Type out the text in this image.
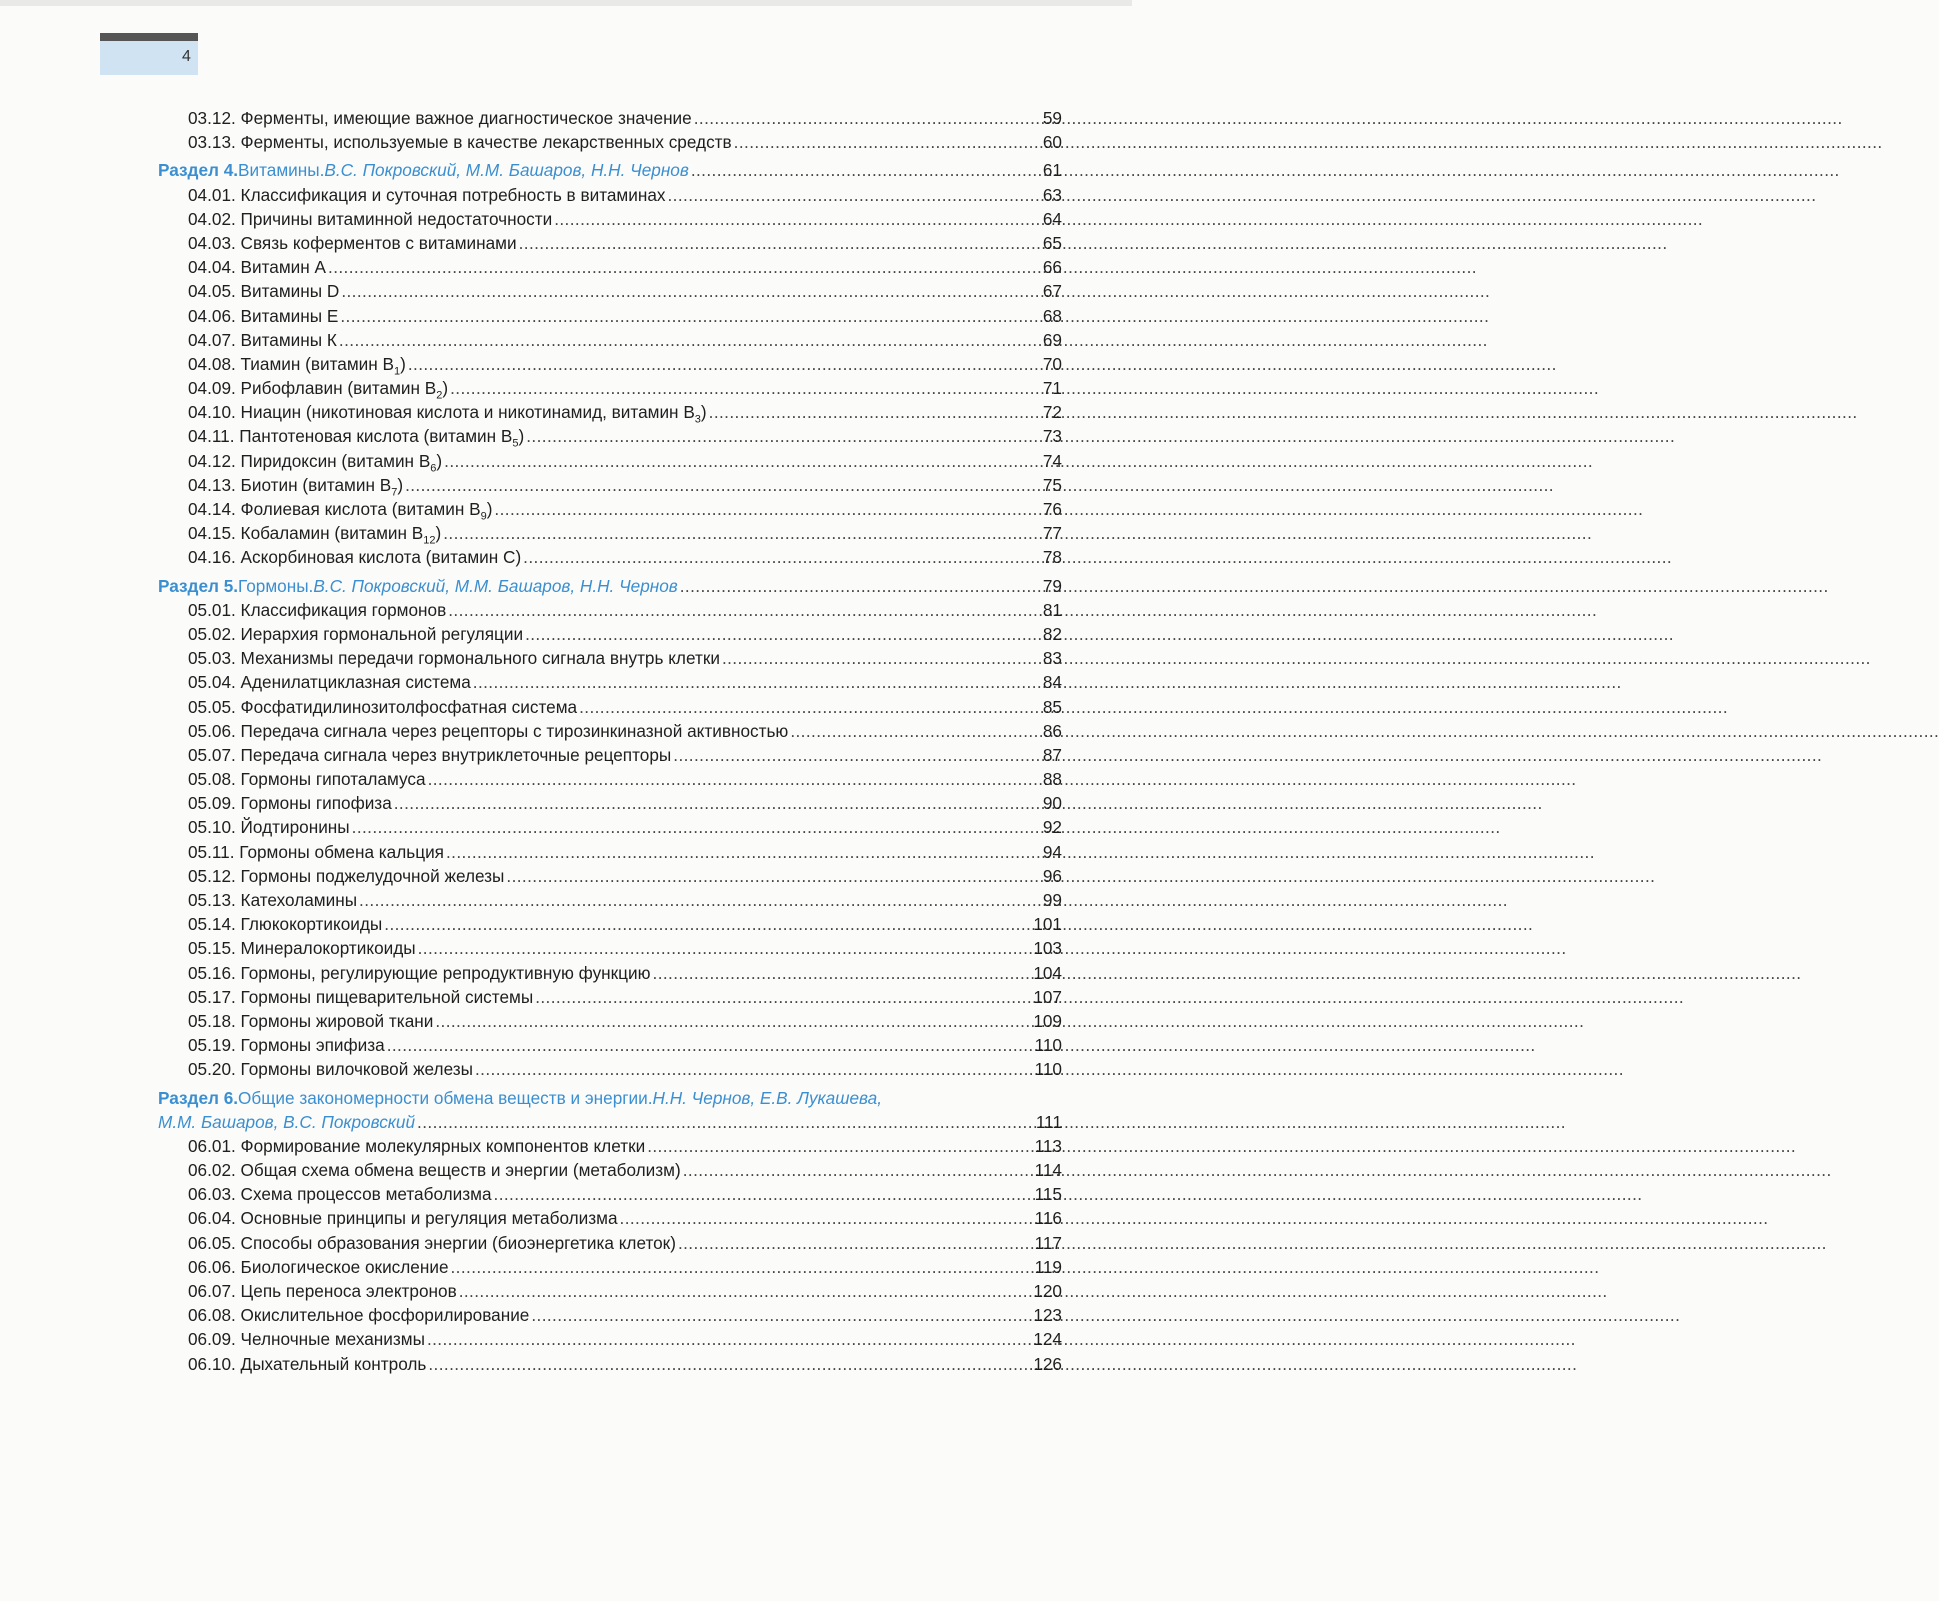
4
03.12. Ферменты, имеющие важное диагностическое значение .....	59
03.13. Ферменты, используемые в качестве лекарственных средств .....	60
Раздел 4. Витамины. В.С. Покровский, М.М. Башаров, Н.Н. Чернов .....	61
04.01. Классификация и суточная потребность в витаминах .....	63
04.02. Причины витаминной недостаточности .....	64
04.03. Связь коферментов с витаминами .....	65
04.04. Витамин А .....	66
04.05. Витамины D .....	67
04.06. Витамины E .....	68
04.07. Витамины К .....	69
04.08. Тиамин (витамин $B_1$) .....	70
04.09. Рибофлавин (витамин $B_2$) .....	71
04.10. Ниацин (никотиновая кислота и никотинамид, витамин $B_3$) .....	72
04.11. Пантотеновая кислота (витамин $B_5$) .....	73
04.12. Пиридоксин (витамин $B_6$) .....	74
04.13. Биотин (витамин $B_7$) .....	75
04.14. Фолиевая кислота (витамин $B_9$) .....	76
04.15. Кобаламин (витамин $B_{12}$) .....	77
04.16. Аскорбиновая кислота (витамин С) .....	78
Раздел 5. Гормоны. В.С. Покровский, М.М. Башаров, Н.Н. Чернов .....	79
05.01. Классификация гормонов .....	81
05.02. Иерархия гормональной регуляции .....	82
05.03. Механизмы передачи гормонального сигнала внутрь клетки .....	83
05.04. Аденилатциклазная система .....	84
05.05. Фосфатидилинозитолфосфатная система .....	85
05.06. Передача сигнала через рецепторы с тирозинкиназной активностью .....	86
05.07. Передача сигнала через внутриклеточные рецепторы .....	87
05.08. Гормоны гипоталамуса .....	88
05.09. Гормоны гипофиза .....	90
05.10. Йодтиронины .....	92
05.11. Гормоны обмена кальция .....	94
05.12. Гормоны поджелудочной железы .....	96
05.13. Катехоламины .....	99
05.14. Глюкокортикоиды .....	101
05.15. Минералокортикоиды .....	103
05.16. Гормоны, регулирующие репродуктивную функцию .....	104
05.17. Гормоны пищеварительной системы .....	107
05.18. Гормоны жировой ткани .....	109
05.19. Гормоны эпифиза .....	110
05.20. Гормоны вилочковой железы .....	110
Раздел 6. Общие закономерности обмена веществ и энергии. Н.Н. Чернов, Е.В. Лукашева,
М.М. Башаров, В.С. Покровский .....	111
06.01. Формирование молекулярных компонентов клетки .....	113
06.02. Общая схема обмена веществ и энергии (метаболизм) .....	114
06.03. Схема процессов метаболизма .....	115
06.04. Основные принципы и регуляция метаболизма .....	116
06.05. Способы образования энергии (биоэнергетика клеток) .....	117
06.06. Биологическое окисление .....	119
06.07. Цепь переноса электронов .....	120
06.08. Окислительное фосфорилирование .....	123
06.09. Челночные механизмы .....	124
06.10. Дыхательный контроль .....	126
